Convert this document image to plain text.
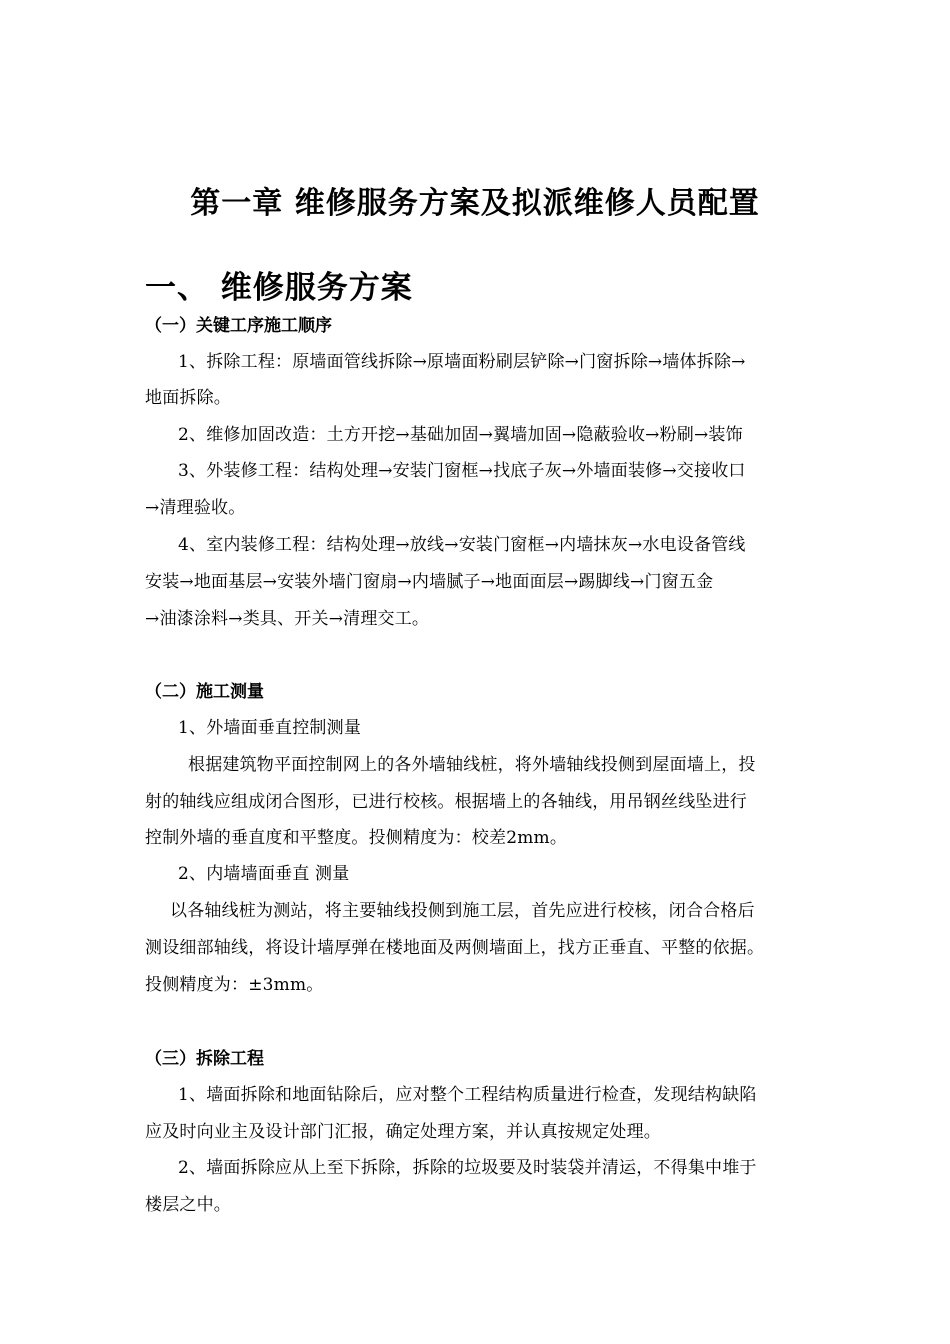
第一章 维修服务方案及拟派维修人员配置
一、 维修服务方案
（一）关键工序施工顺序
1、拆除工程：原墙面管线拆除→原墙面粉刷层铲除→门窗拆除→墙体拆除→
地面拆除。
2、维修加固改造：土方开挖→基础加固→翼墙加固→隐蔽验收→粉刷→装饰
3、外装修工程：结构处理→安装门窗框→找底子灰→外墙面装修→交接收口
→清理验收。
4、室内装修工程：结构处理→放线→安装门窗框→内墙抹灰→水电设备管线
安装→地面基层→安装外墙门窗扇→内墙腻子→地面面层→踢脚线→门窗五金
→油漆涂料→类具、开关→清理交工。
（二）施工测量
1、外墙面垂直控制测量
根据建筑物平面控制网上的各外墙轴线桩，将外墙轴线投侧到屋面墙上，投
射的轴线应组成闭合图形，已进行校核。根据墙上的各轴线，用吊钢丝线坠进行
控制外墙的垂直度和平整度。投侧精度为：校差2mm。
2、内墙墙面垂直 测量
以各轴线桩为测站，将主要轴线投侧到施工层，首先应进行校核，闭合合格后
测设细部轴线，将设计墙厚弹在楼地面及两侧墙面上，找方正垂直、平整的依据。
投侧精度为：±3mm。
（三）拆除工程
1、墙面拆除和地面钻除后，应对整个工程结构质量进行检查，发现结构缺陷
应及时向业主及设计部门汇报，确定处理方案，并认真按规定处理。
2、墙面拆除应从上至下拆除，拆除的垃圾要及时装袋并清运，不得集中堆于
楼层之中。
